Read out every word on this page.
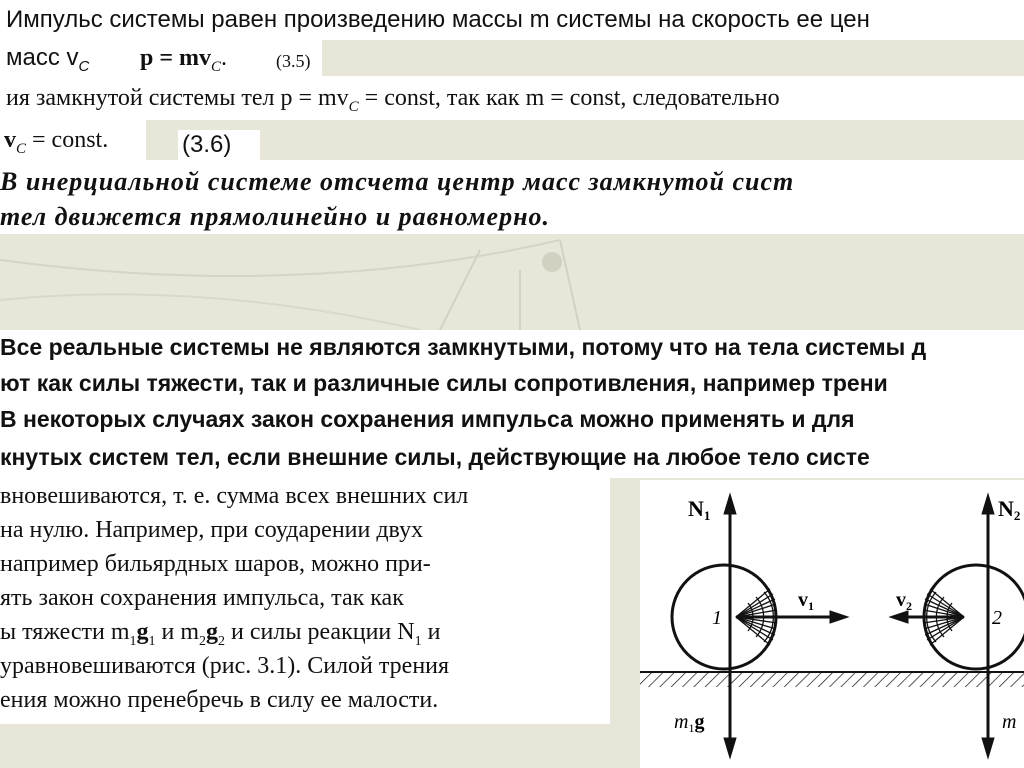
Импульс системы равен произведению массы m системы на скорость ее цен
масс $v_C$ $p = mv_C$.	(3.5)
ия замкнутой системы тел $p = mv_C$ = const, так как m = const, следовательно
$v_C$ = const.	(3.6)
В инерциальной системе отсчета центр масс замкнутой сист
тел движется прямолинейно и равномерно.
Все реальные системы не являются замкнутыми, потому что на тела системы д
ют как силы тяжести, так и различные силы сопротивления, например трени
В некоторых случаях закон сохранения импульса можно применять и для
кнутых систем тел, если внешние силы, действующие на любое тело систе
вновешиваются, т. е. сумма всех внешних сил
на нулю. Например, при соударении двух
например бильярдных шаров, можно при-
ять закон сохранения импульса, так как
ы тяжести $m_1g_1$ и $m_2g_2$ и силы реакции $N_1$ и
уравновешиваются (рис. 3.1). Силой трения
ения можно пренебречь в силу ее малости.
N1	N2
$v_1$	$v_2$
1	2
$m_1g$	m
